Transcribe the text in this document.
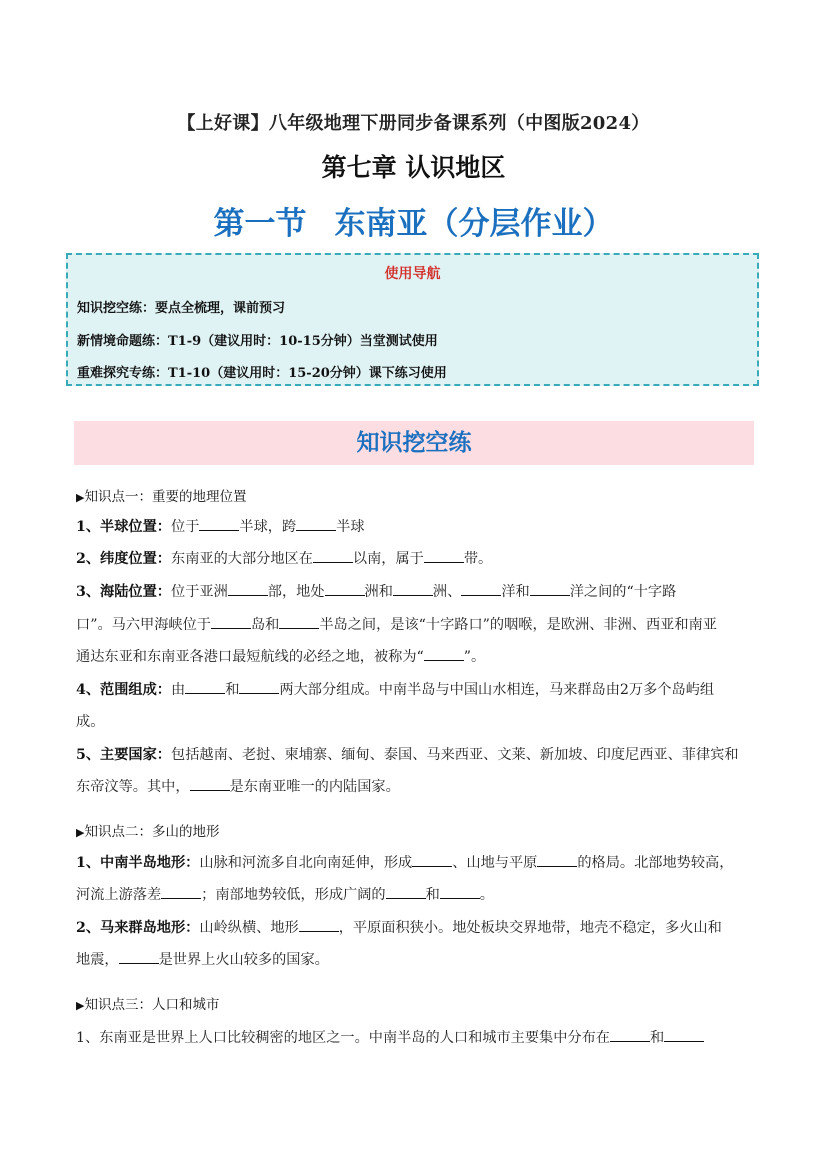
【上好课】八年级地理下册同步备课系列（中图版2024）
第七章 认识地区
第一节 东南亚（分层作业）
使用导航
知识挖空练：要点全梳理，课前预习
新情境命题练：T1-9（建议用时：10-15分钟）当堂测试使用
重难探究专练：T1-10（建议用时：15-20分钟）课下练习使用
知识挖空练
▶知识点一：重要的地理位置
1、半球位置：位于	半球，跨	半球
2、纬度位置：东南亚的大部分地区在	以南，属于	带。
3、海陆位置：位于亚洲	部，地处	洲和	洲、	洋和	洋之间的“十字路
口”。马六甲海峡位于	岛和	半岛之间，是该“十字路口”的咽喉，是欧洲、非洲、西亚和南亚
通达东亚和东南亚各港口最短航线的必经之地，被称为“	”。
4、范围组成：由	和	两大部分组成。中南半岛与中国山水相连，马来群岛由2万多个岛屿组
成。
5、主要国家：包括越南、老挝、柬埔寨、缅甸、泰国、马来西亚、文莱、新加坡、印度尼西亚、菲律宾和
东帝汶等。其中，	是东南亚唯一的内陆国家。
▶知识点二：多山的地形
1、中南半岛地形：山脉和河流多自北向南延伸，形成	、山地与平原	的格局。北部地势较高，
河流上游落差	；南部地势较低，形成广阔的	和	。
2、马来群岛地形：山岭纵横、地形	，平原面积狭小。地处板块交界地带，地壳不稳定，多火山和
地震，	是世界上火山较多的国家。
▶知识点三：人口和城市
1、东南亚是世界上人口比较稠密的地区之一。中南半岛的人口和城市主要集中分布在	和
